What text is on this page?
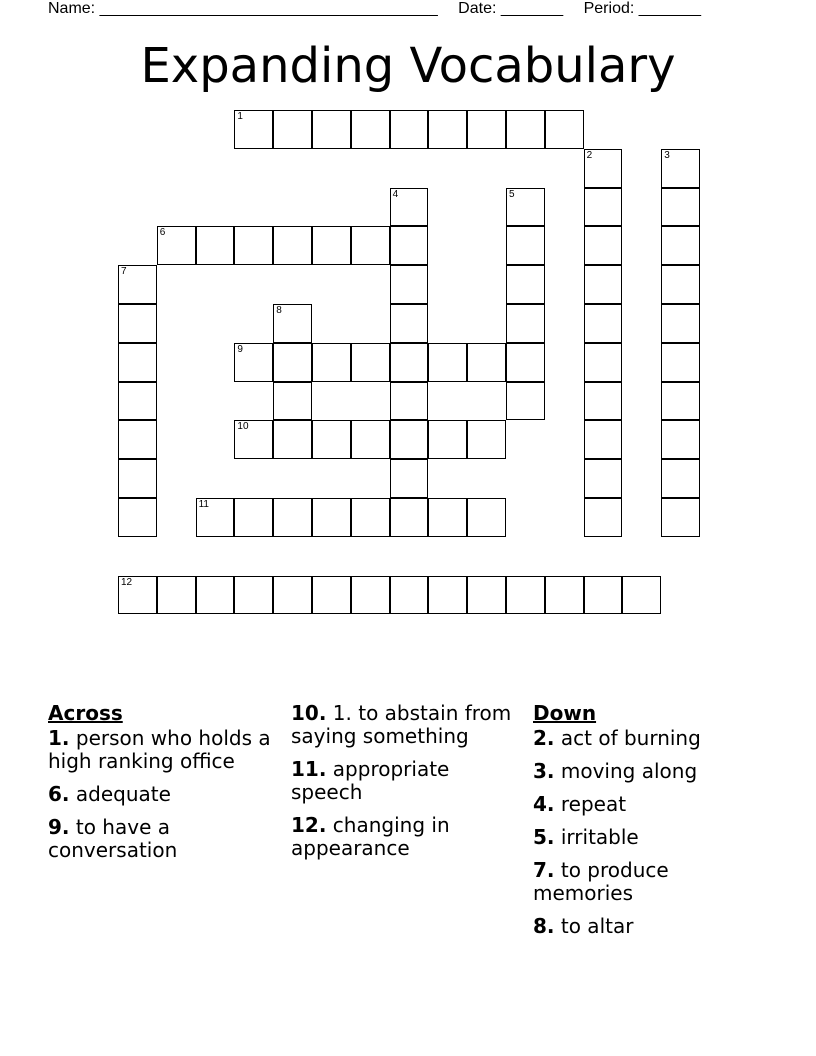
Name: ______________________________________ Date: _______ Period: _______
Expanding Vocabulary
1
2	3
4	5
6
7
8
9
10
11
12
Across
1. person who holds a high ranking office
6. adequate
9. to have a conversation
10. 1. to abstain from saying something
11. appropriate speech
12. changing in appearance
Down
2. act of burning
3. moving along
4. repeat
5. irritable
7. to produce memories
8. to altar
